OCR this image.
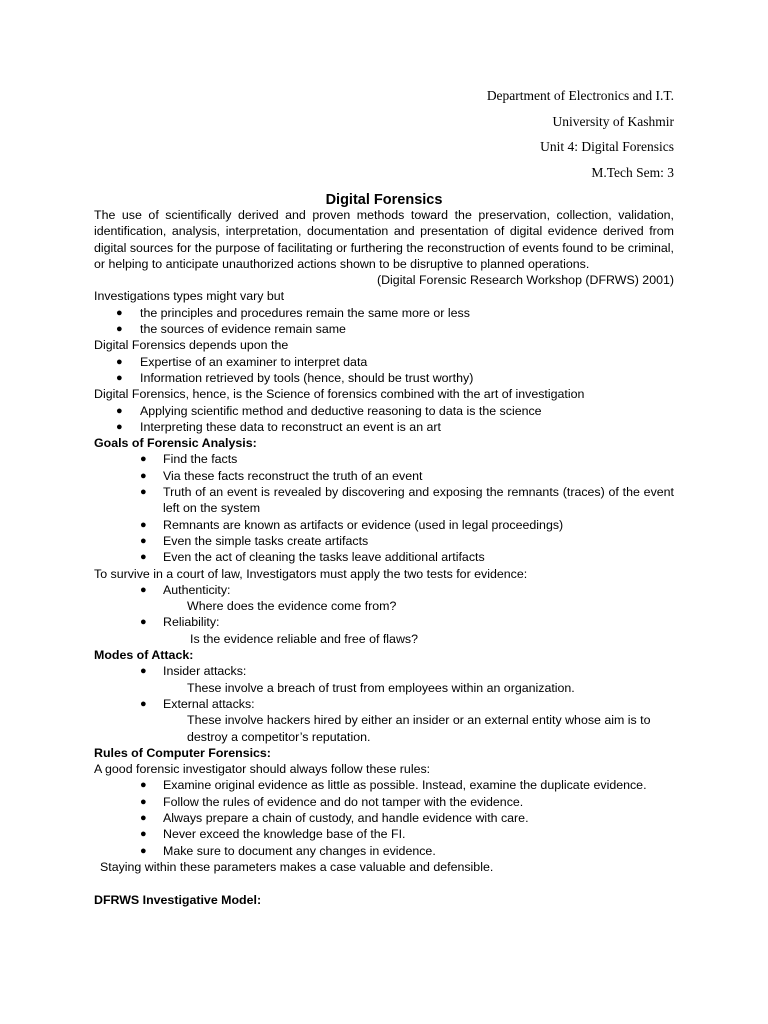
Department of Electronics and I.T.
University of Kashmir
Unit 4: Digital Forensics
M.Tech Sem: 3
Digital Forensics

The use of scientifically derived and proven methods toward the preservation, collection, validation, identification, analysis, interpretation, documentation and presentation of digital evidence derived from digital sources for the purpose of facilitating or furthering the reconstruction of events found to be criminal, or helping to anticipate unauthorized actions shown to be disruptive to planned operations.

(Digital Forensic Research Workshop (DFRWS) 2001)

Investigations types might vary but

● the principles and procedures remain the same more or less
● the sources of evidence remain same

Digital Forensics depends upon the

● Expertise of an examiner to interpret data
● Information retrieved by tools (hence, should be trust worthy)

Digital Forensics, hence, is the Science of forensics combined with the art of investigation

● Applying scientific method and deductive reasoning to data is the science
● Interpreting these data to reconstruct an event is an art

Goals of Forensic Analysis:

● Find the facts
● Via these facts reconstruct the truth of an event
● Truth of an event is revealed by discovering and exposing the remnants (traces) of the event left on the system
● Remnants are known as artifacts or evidence (used in legal proceedings)
● Even the simple tasks create artifacts
● Even the act of cleaning the tasks leave additional artifacts

To survive in a court of law, Investigators must apply the two tests for evidence:

● Authenticity:

Where does the evidence come from?

● Reliability:

Is the evidence reliable and free of flaws?

Modes of Attack:

● Insider attacks:

These involve a breach of trust from employees within an organization.

● External attacks:

These involve hackers hired by either an insider or an external entity whose aim is to destroy a competitor’s reputation.

Rules of Computer Forensics:

A good forensic investigator should always follow these rules:

● Examine original evidence as little as possible. Instead, examine the duplicate evidence.
● Follow the rules of evidence and do not tamper with the evidence.
● Always prepare a chain of custody, and handle evidence with care.
● Never exceed the knowledge base of the FI.
● Make sure to document any changes in evidence.

Staying within these parameters makes a case valuable and defensible.

DFRWS Investigative Model:
